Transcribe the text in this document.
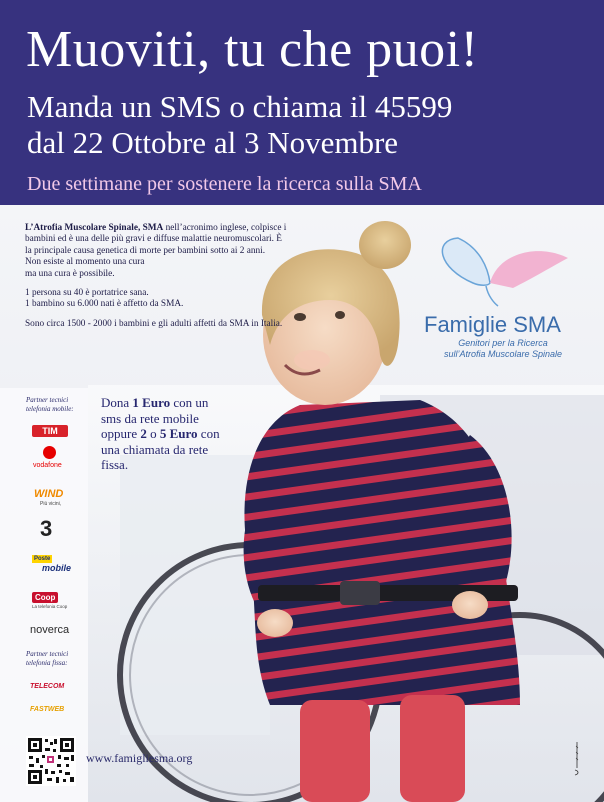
Muoviti, tu che puoi!
Manda un SMS o chiama il 45599
dal 22 Ottobre al 3 Novembre
Due settimane per sostenere la ricerca sulla SMA

L’Atrofia Muscolare Spinale, SMA nell’acronimo inglese, colpisce i bambini ed è una delle più gravi e diffuse malattie neuromuscolari. È la principale causa genetica di morte per bambini sotto ai 2 anni.
Non esiste al momento una cura
ma una cura è possibile.

1 persona su 40 è portatrice sana.
1 bambino su 6.000 nati è affetto da SMA.

Sono circa 1500 - 2000 i bambini e gli adulti affetti da SMA in Italia.	Famiglie SMA
Genitori per la Ricerca
sull’Atrofia Muscolare Spinale
Partner tecnici telefonia mobile:
TIM
vodafone
WIND
Più vicini,
3
Poste
mobile
Coop
La telefonia Coop
noverca
Partner tecnici telefonia fissa:
TELECOM
FASTWEB
Dona 1 Euro con un sms da rete mobile oppure 2 o 5 Euro con una chiamata da rete fissa.
www.famigliesma.org
